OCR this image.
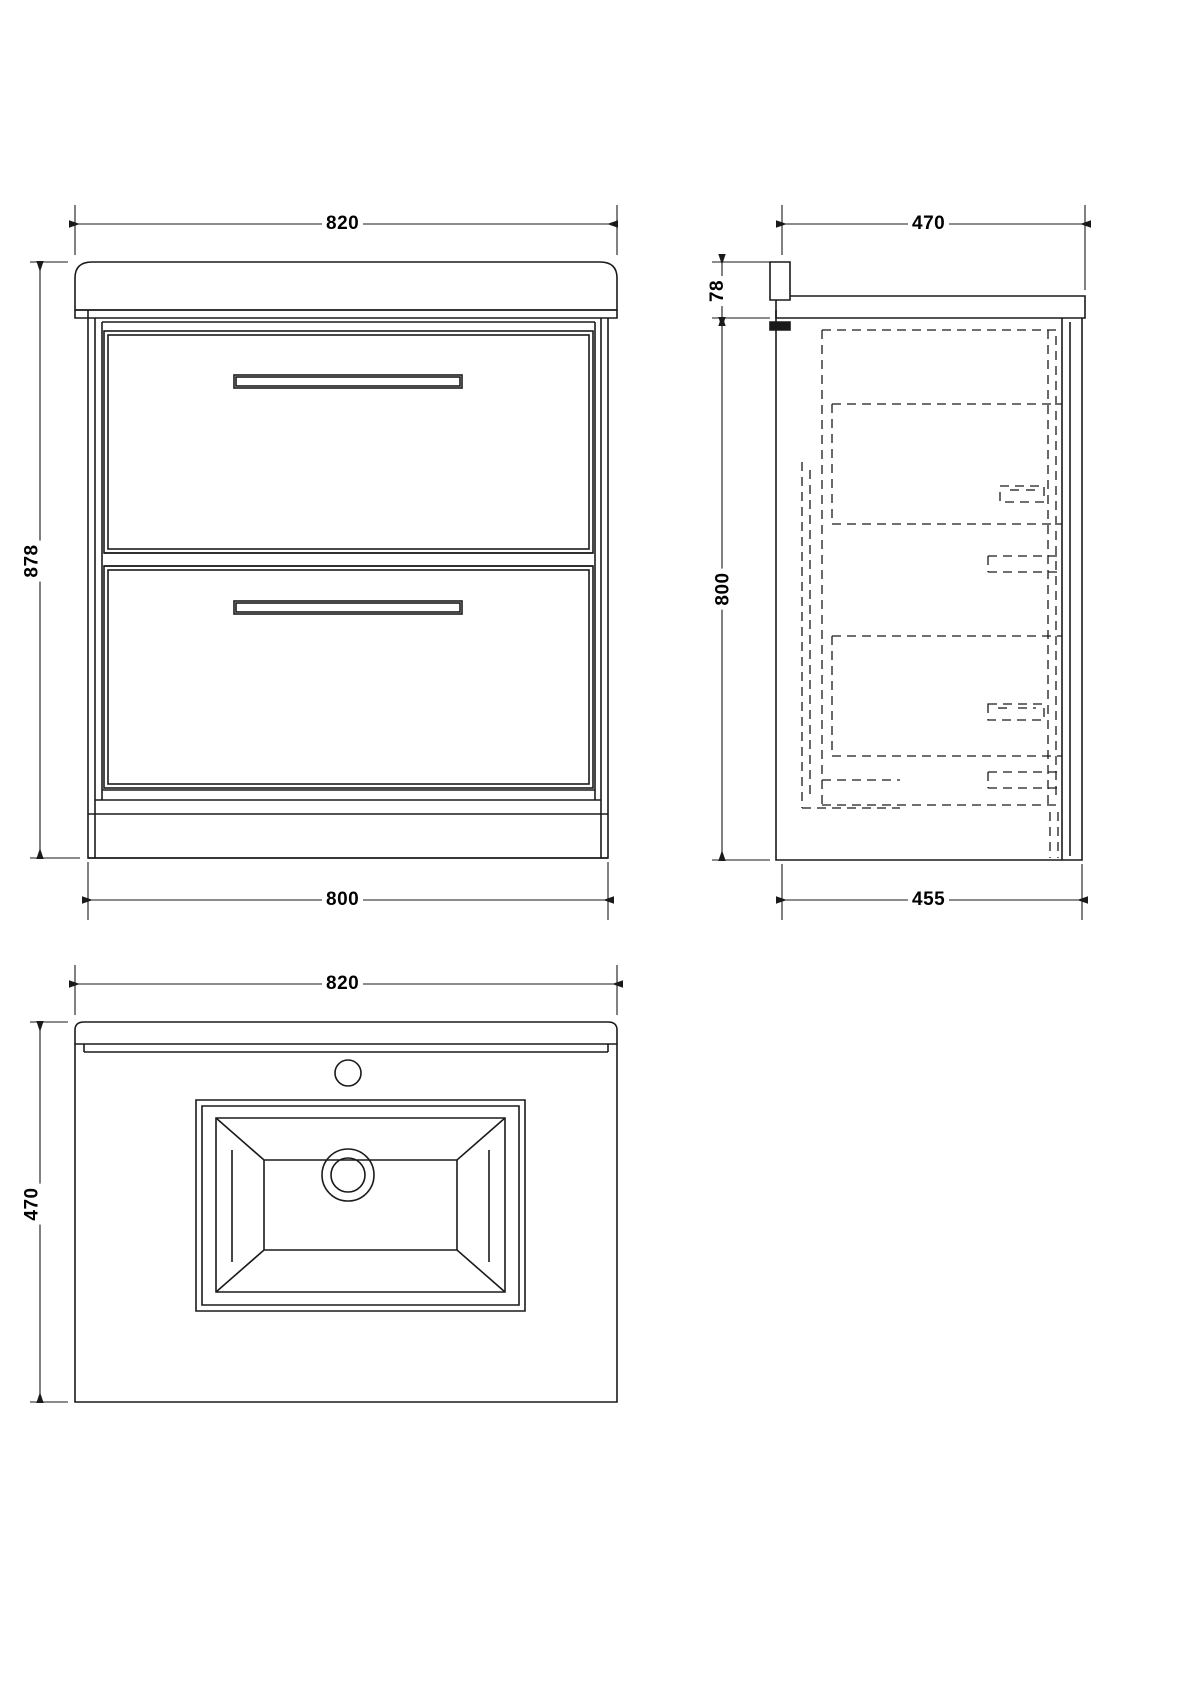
820
878
800
470
78
800
455
820
470
